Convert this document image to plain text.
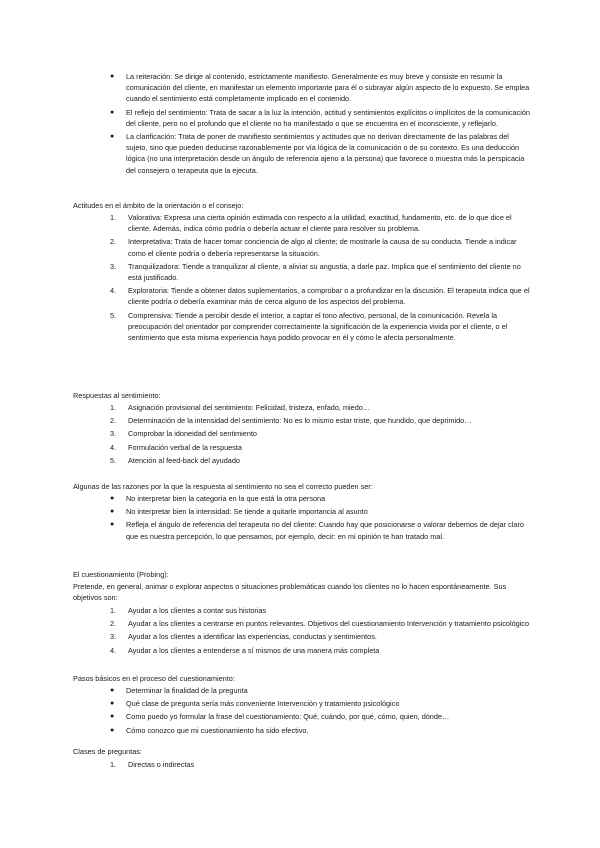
● La reiteración: Se dirige al contenido, estrictamente manifiesto. Generalmente es muy breve y consiste en resumir la comunicación del cliente, en manifestar un elemento importante para él o subrayar algún aspecto de lo expuesto. Se emplea cuando el sentimiento está completamente implicado en el contenido.
● El reflejo del sentimiento: Trata de sacar a la luz la intención, actitud y sentimientos explícitos o implícitos de la comunicación del cliente, pero no el profundo que el cliente no ha manifestado o que se encuentra en el inconsciente, y reflejarlo.
● La clarificación: Trata de poner de manifiesto sentimientos y actitudes que no derivan directamente de las palabras del sujeto, sino que pueden deducirse razonablemente por vía lógica de la comunicación o de su contexto. Es una deducción lógica (no una interpretación desde un ángulo de referencia ajeno a la persona) que favorece o muestra más la perspicacia del consejero o terapeuta que la ejecuta.
Actitudes en el ámbito de la orientación o el consejo:
1. Valorativa: Expresa una cierta opinión estimada con respecto a la utilidad, exactitud, fundamento, etc. de lo que dice el cliente. Además, indica cómo podría o debería actuar el cliente para resolver su problema.
2. Interpretativa: Trata de hacer tomar conciencia de algo al cliente; de mostrarle la causa de su conducta. Tiende a indicar como el cliente podría o debería representarse la situación.
3. Tranquilizadora: Tiende a tranquilizar al cliente, a aliviar su angustia, a darle paz. Implica que el sentimiento del cliente no está justificado.
4. Exploratoria: Tiende a obtener datos suplementarios, a comprobar o a profundizar en la discusión. El terapeuta indica que el cliente podría o debería examinar más de cerca alguno de los aspectos del problema.
5. Comprensiva: Tiende a percibir desde el interior, a captar el tono afectivo, personal, de la comunicación. Revela la preocupación del orientador por comprender correctamente la significación de la experiencia vivida por el cliente, o el sentimiento que esta misma experiencia haya podido provocar en él y cómo le afecta personalmente.
Respuestas al sentimiento:
1. Asignación provisional del sentimiento: Felicidad, tristeza, enfado, miedo…
2. Determinación de la intensidad del sentimiento: No es lo mismo estar triste, que hundido, que deprimido…
3. Comprobar la idoneidad del sentimiento
4. Formulación verbal de la respuesta
5. Atención al feed-back del ayudado
Algunas de las razones por la que la respuesta al sentimiento no sea el correcto pueden ser:
● No interpretar bien la categoría en la que está la otra persona
● No interpretar bien la intensidad: Se tiende a quitarle importancia al asunto
● Refleja el ángulo de referencia del terapeuta no del cliente: Cuando hay que posicionarse o valorar debemos de dejar claro que es nuestra percepción, lo que pensamos, por ejemplo, decir: en mi opinión te han tratado mal.
El cuestionamiento (Probing):
Pretende, en general, animar o explorar aspectos o situaciones problemáticas cuando los clientes no lo hacen espontáneamente. Sus objetivos son:
1. Ayudar a los clientes a contar sus historias
2. Ayudar a los clientes a centrarse en puntos relevantes. Objetivos del cuestionamiento Intervención y tratamiento psicológico
3. Ayudar a los clientes a identificar las experiencias, conductas y sentimientos.
4. Ayudar a los clientes a entenderse a sí mismos de una manera más completa
Pasos básicos en el proceso del cuestionamiento:
● Determinar la finalidad de la pregunta
● Qué clase de pregunta sería más conveniente Intervención y tratamiento psicológico
● Como puedo yo formular la frase del cuestionamiento: Qué, cuándo, por qué, cómo, quien, dónde…
● Cómo conozco que mi cuestionamiento ha sido efectivo.
Clases de preguntas:
1. Directas o indirectas
